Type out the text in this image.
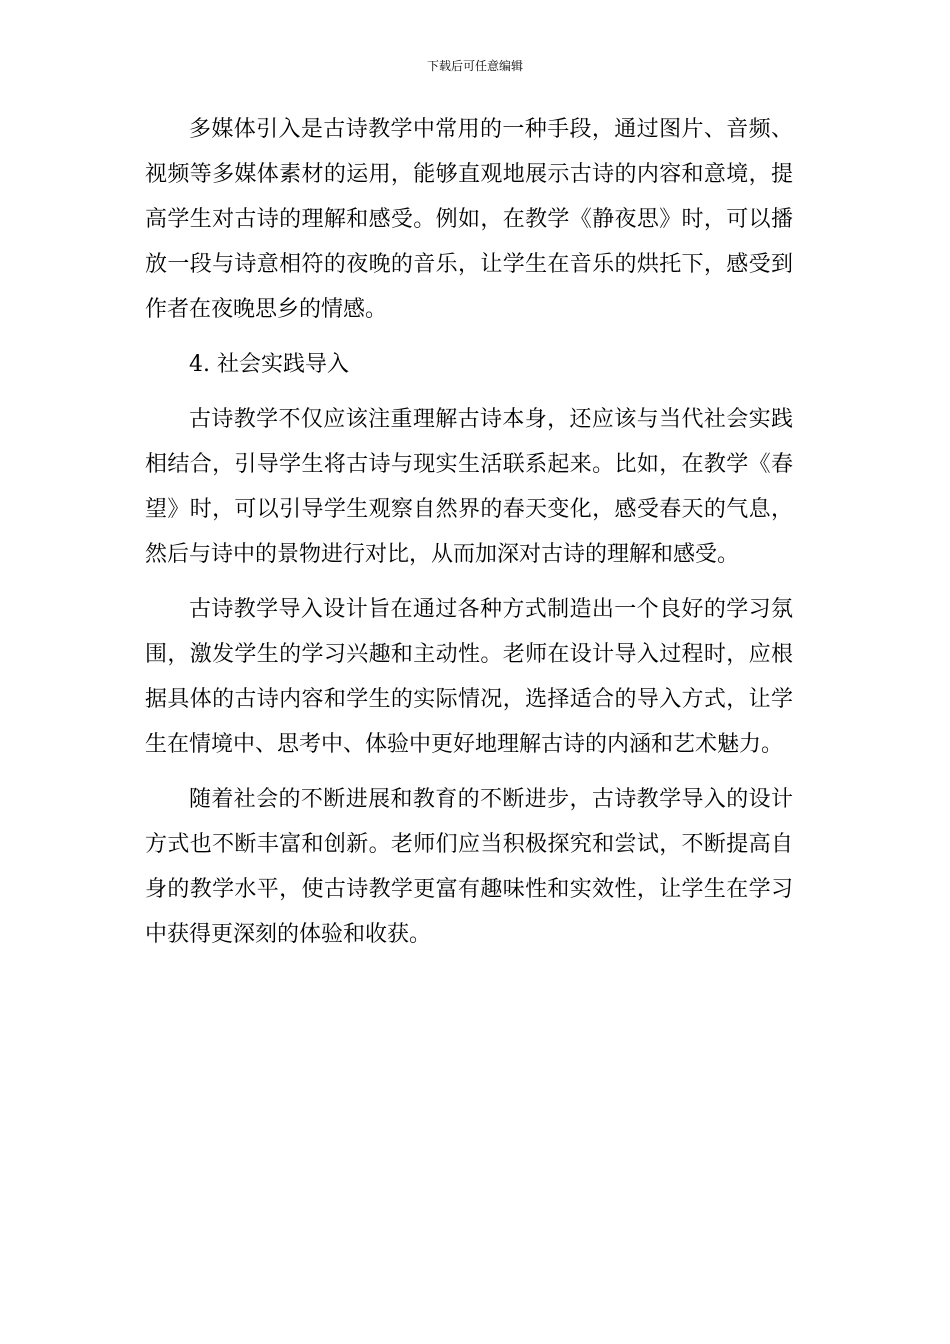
下载后可任意编辑

多媒体引入是古诗教学中常用的一种手段，通过图片、音频、视频等多媒体素材的运用，能够直观地展示古诗的内容和意境，提高学生对古诗的理解和感受。例如，在教学《静夜思》时，可以播放一段与诗意相符的夜晚的音乐，让学生在音乐的烘托下，感受到作者在夜晚思乡的情感。

4. 社会实践导入

古诗教学不仅应该注重理解古诗本身，还应该与当代社会实践相结合，引导学生将古诗与现实生活联系起来。比如，在教学《春望》时，可以引导学生观察自然界的春天变化，感受春天的气息，然后与诗中的景物进行对比，从而加深对古诗的理解和感受。

古诗教学导入设计旨在通过各种方式制造出一个良好的学习氛围，激发学生的学习兴趣和主动性。老师在设计导入过程时，应根据具体的古诗内容和学生的实际情况，选择适合的导入方式，让学生在情境中、思考中、体验中更好地理解古诗的内涵和艺术魅力。

随着社会的不断进展和教育的不断进步，古诗教学导入的设计方式也不断丰富和创新。老师们应当积极探究和尝试，不断提高自身的教学水平，使古诗教学更富有趣味性和实效性，让学生在学习中获得更深刻的体验和收获。
